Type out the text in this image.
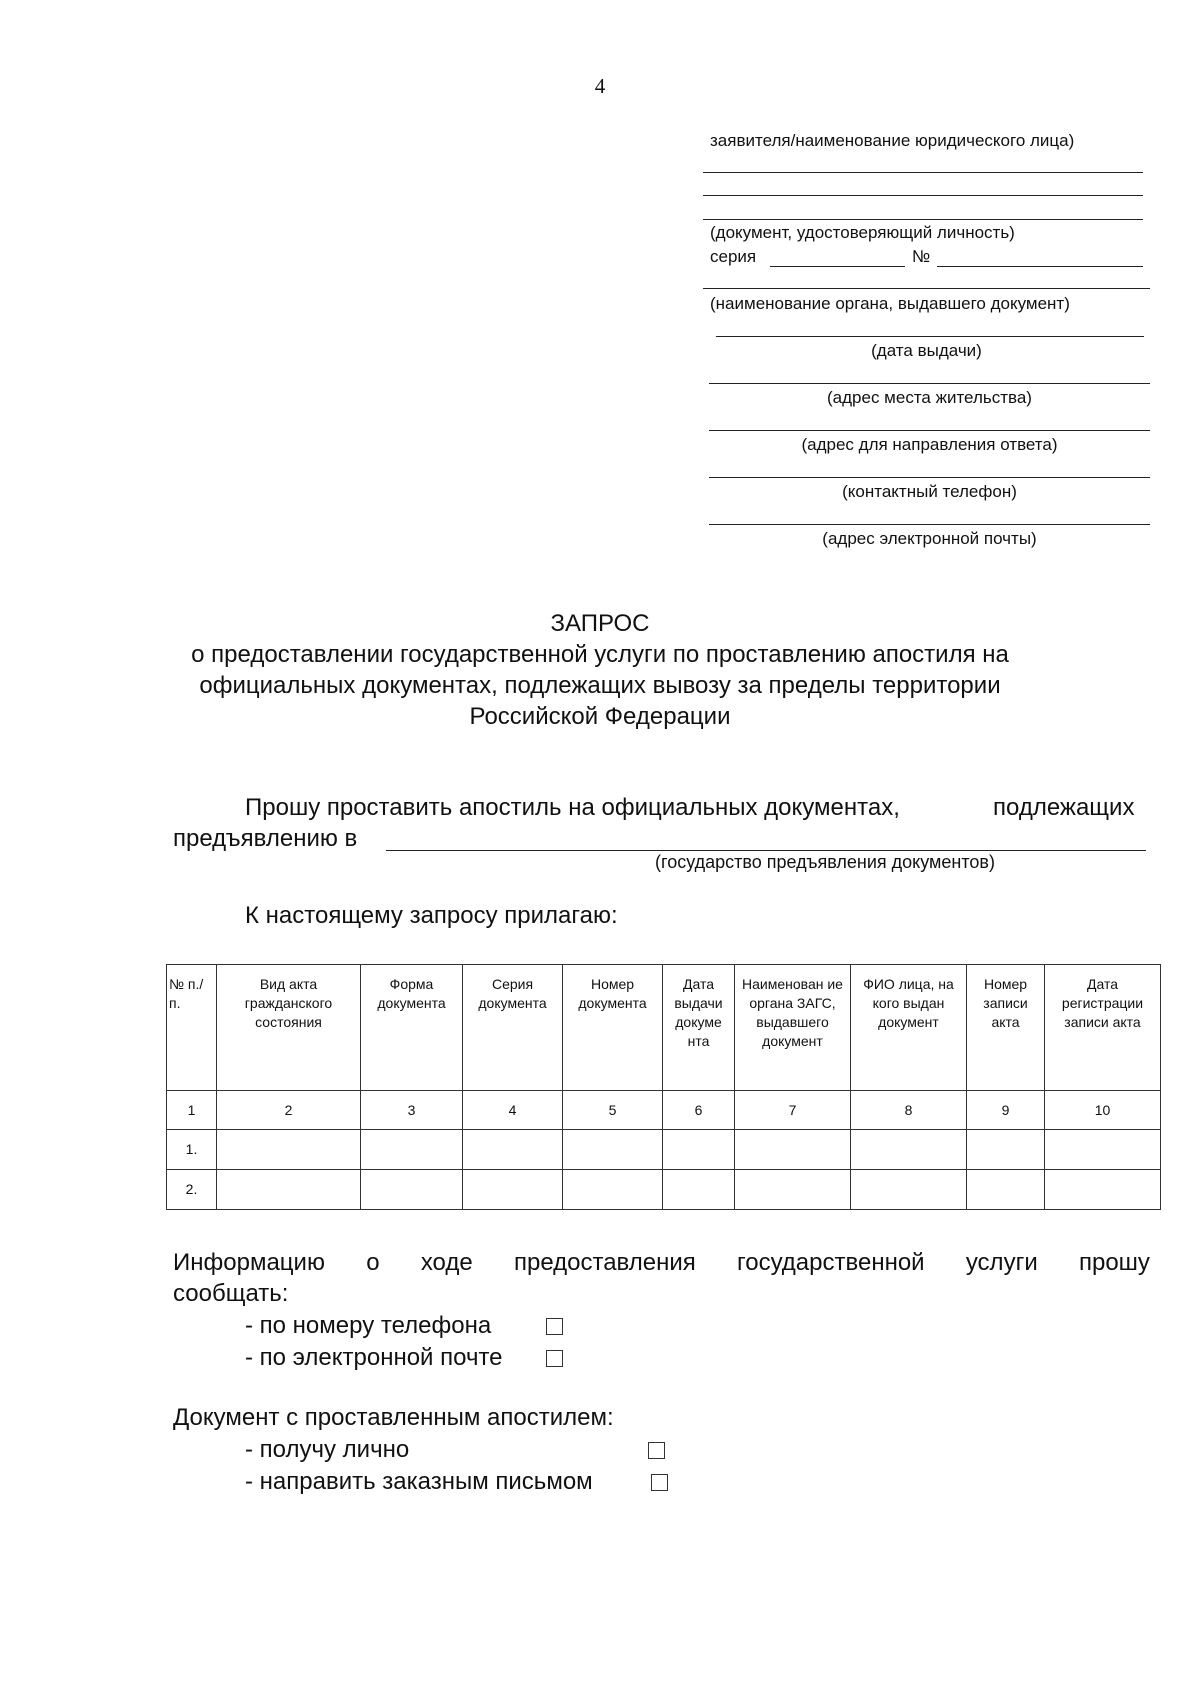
4
заявителя/наименование юридического лица)
(документ, удостоверяющий личность)
серия	№
(наименование органа, выдавшего документ)
(дата выдачи)
(адрес места жительства)
(адрес для направления ответа)
(контактный телефон)
(адрес электронной почты)
ЗАПРОС
о предоставлении государственной услуги по проставлению апостиля на
официальных документах, подлежащих вывозу за пределы территории
Российской Федерации
Прошу проставить апостиль на официальных документах,	подлежащих
предъявлению в
(государство предъявления документов)
К настоящему запросу прилагаю:
№ п./п.	Вид акта гражданского состояния	Форма документа	Серия документа	Номер документа	Дата выдачи докуме нта	Наименован ие органа ЗАГС, выдавшего документ	ФИО лица, на кого выдан документ	Номер записи акта	Дата регистрации записи акта
1	2	3	4	5	6	7	8	9	10
1.									
2.									
Информацию о ходе предоставления государственной услуги прошу
сообщать:
- по номеру телефона
- по электронной почте
Документ с проставленным апостилем:
- получу лично
- направить заказным письмом
